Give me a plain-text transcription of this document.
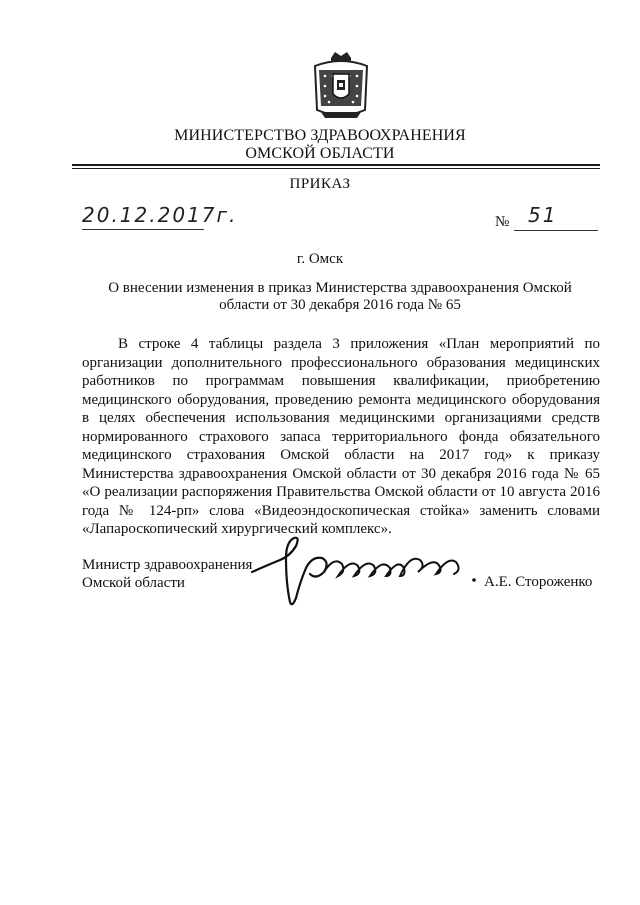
МИНИСТЕРСТВО ЗДРАВООХРАНЕНИЯ
ОМСКОЙ ОБЛАСТИ
ПРИКАЗ
20.12.2017г.	№ 51
г. Омск
О внесении изменения в приказ Министерства здравоохранения Омской области от 30 декабря 2016 года № 65

В строке 4 таблицы раздела 3 приложения «План мероприятий по организации дополнительного профессионального образования медицинских работников по программам повышения квалификации, приобретению медицинского оборудования, проведению ремонта медицинского оборудования в целях обеспечения использования медицинскими организациями средств нормированного страхового запаса территориального фонда обязательного медицинского страхования Омской области на 2017 год» к приказу Министерства здравоохранения Омской области от 30 декабря 2016 года № 65 «О реализации распоряжения Правительства Омской области от 10 августа 2016 года № 124-рп» слова «Видеоэндоскопическая стойка» заменить словами «Лапароскопический хирургический комплекс».

Министр здравоохранения
Омской области	А.Е. Стороженко
